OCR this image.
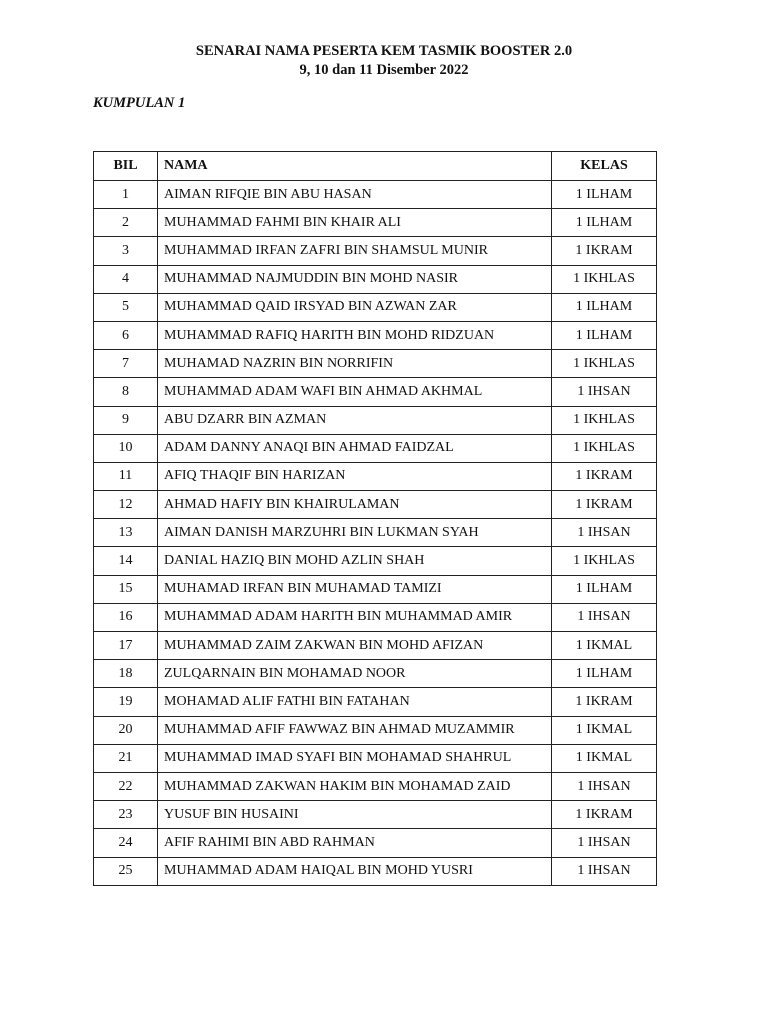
SENARAI NAMA PESERTA KEM TASMIK BOOSTER 2.0
9, 10 dan 11 Disember 2022
KUMPULAN 1
BIL	NAMA	KELAS
1	AIMAN RIFQIE BIN ABU HASAN	1 ILHAM
2	MUHAMMAD FAHMI BIN KHAIR ALI	1 ILHAM
3	MUHAMMAD IRFAN ZAFRI BIN SHAMSUL MUNIR	1 IKRAM
4	MUHAMMAD NAJMUDDIN BIN MOHD NASIR	1 IKHLAS
5	MUHAMMAD QAID IRSYAD BIN AZWAN ZAR	1 ILHAM
6	MUHAMMAD RAFIQ HARITH BIN MOHD RIDZUAN	1 ILHAM
7	MUHAMAD NAZRIN BIN NORRIFIN	1 IKHLAS
8	MUHAMMAD ADAM WAFI BIN AHMAD AKHMAL	1 IHSAN
9	ABU DZARR BIN AZMAN	1 IKHLAS
10	ADAM DANNY ANAQI BIN AHMAD FAIDZAL	1 IKHLAS
11	AFIQ THAQIF BIN HARIZAN	1 IKRAM
12	AHMAD HAFIY BIN KHAIRULAMAN	1 IKRAM
13	AIMAN DANISH MARZUHRI BIN LUKMAN SYAH	1 IHSAN
14	DANIAL HAZIQ BIN MOHD AZLIN SHAH	1 IKHLAS
15	MUHAMAD IRFAN BIN MUHAMAD TAMIZI	1 ILHAM
16	MUHAMMAD ADAM HARITH BIN MUHAMMAD AMIR	1 IHSAN
17	MUHAMMAD ZAIM ZAKWAN BIN MOHD AFIZAN	1 IKMAL
18	ZULQARNAIN BIN MOHAMAD NOOR	1 ILHAM
19	MOHAMAD ALIF FATHI BIN FATAHAN	1 IKRAM
20	MUHAMMAD AFIF FAWWAZ BIN AHMAD MUZAMMIR	1 IKMAL
21	MUHAMMAD IMAD SYAFI BIN MOHAMAD SHAHRUL	1 IKMAL
22	MUHAMMAD ZAKWAN HAKIM BIN MOHAMAD ZAID	1 IHSAN
23	YUSUF BIN HUSAINI	1 IKRAM
24	AFIF RAHIMI BIN ABD RAHMAN	1 IHSAN
25	MUHAMMAD ADAM HAIQAL BIN MOHD YUSRI	1 IHSAN
